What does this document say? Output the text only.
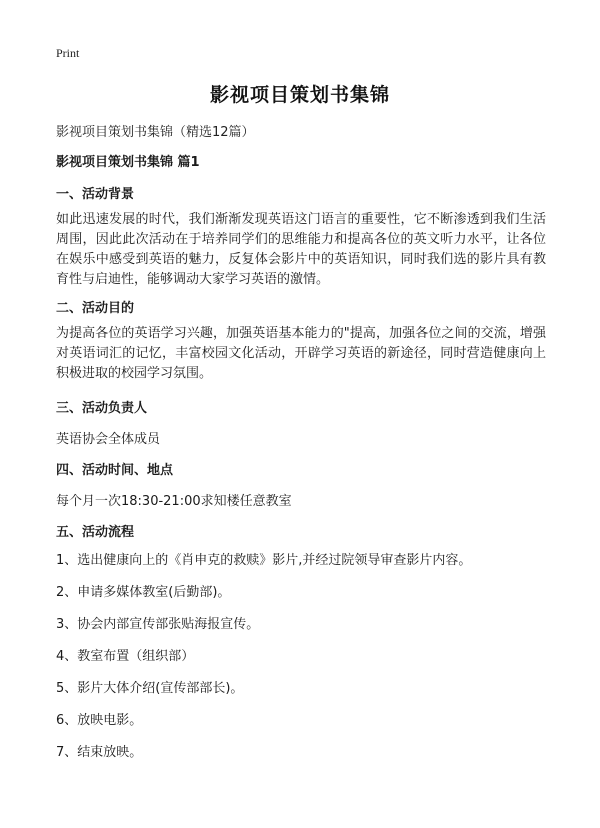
Print
影视项目策划书集锦
影视项目策划书集锦（精选12篇）
影视项目策划书集锦 篇1
一、活动背景
如此迅速发展的时代，我们渐渐发现英语这门语言的重要性，它不断渗透到我们生活周围，因此此次活动在于培养同学们的思维能力和提高各位的英文听力水平，让各位在娱乐中感受到英语的魅力，反复体会影片中的英语知识，同时我们选的影片具有教育性与启迪性，能够调动大家学习英语的激情。
二、活动目的
为提高各位的英语学习兴趣，加强英语基本能力的"提高，加强各位之间的交流，增强对英语词汇的记忆，丰富校园文化活动，开辟学习英语的新途径，同时营造健康向上积极进取的校园学习氛围。
三、活动负责人
英语协会全体成员
四、活动时间、地点
每个月一次18:30-21:00求知楼任意教室
五、活动流程
1、选出健康向上的《肖申克的救赎》影片,并经过院领导审查影片内容。
2、申请多媒体教室(后勤部)。
3、协会内部宣传部张贴海报宣传。
4、教室布置（组织部）
5、影片大体介绍(宣传部部长)。
6、放映电影。
7、结束放映。
